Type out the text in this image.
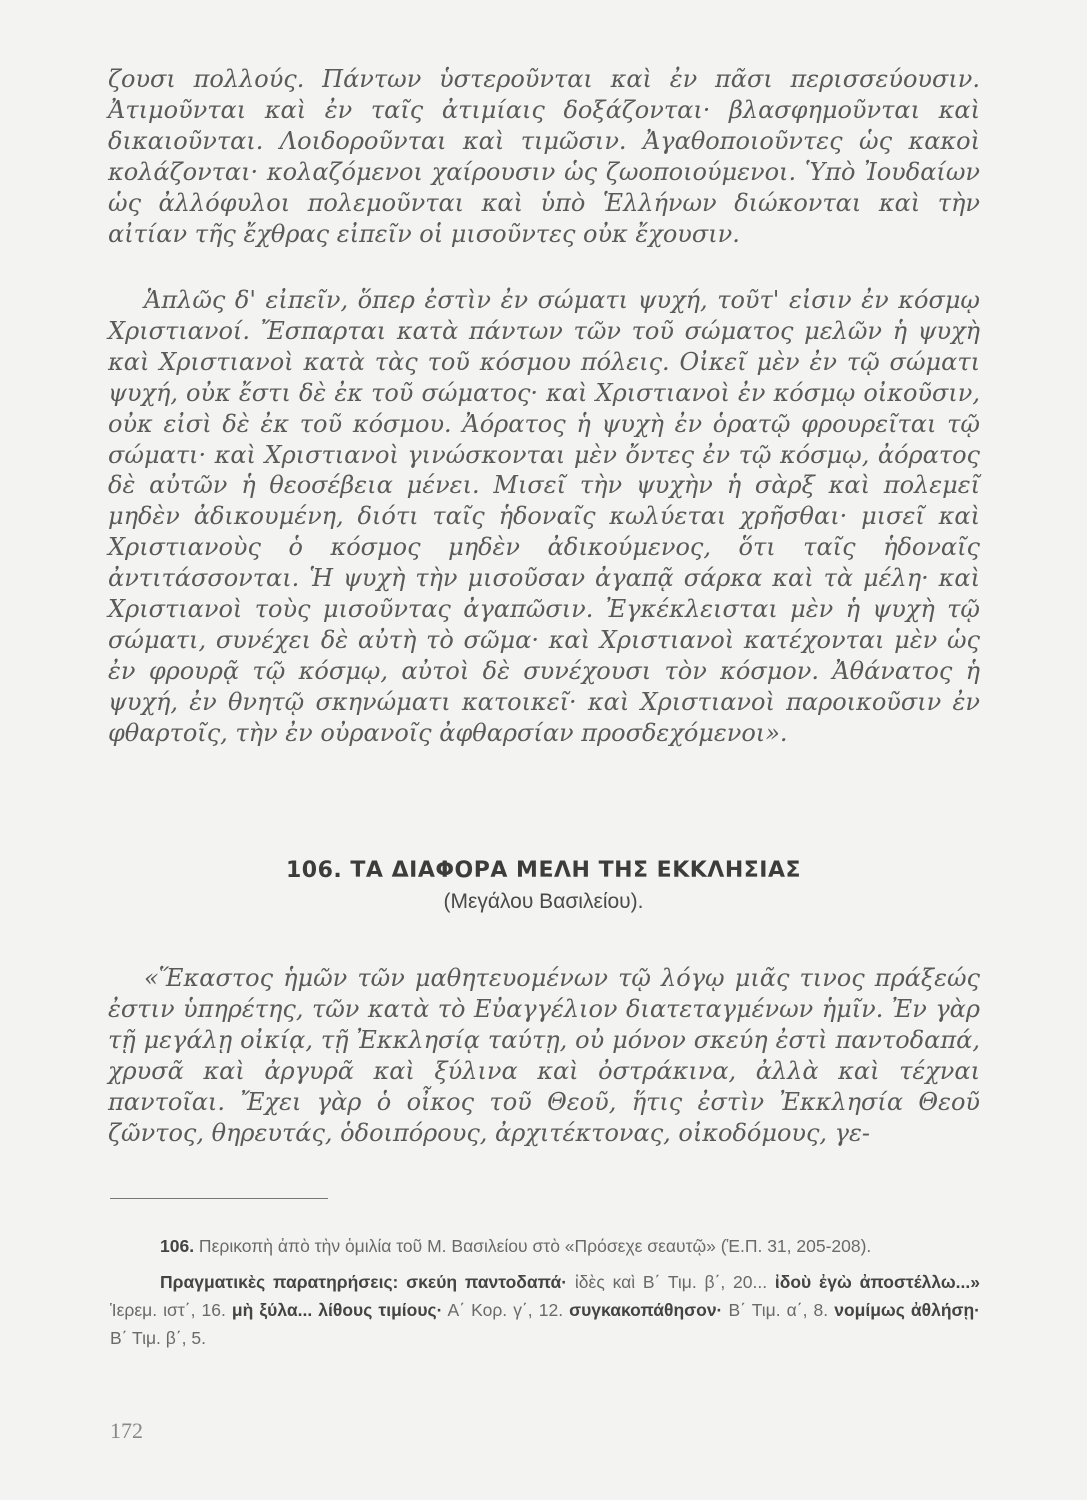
ζουσι πολλούς. Πάντων ὑστεροῦνται καὶ ἐν πᾶσι περισσεύουσιν. Ἀτιμοῦνται καὶ ἐν ταῖς ἀτιμίαις δοξάζονται· βλασφημοῦνται καὶ δικαιοῦνται. Λοιδοροῦνται καὶ τιμῶσιν. Ἀγαθοποιοῦντες ὡς κακοὶ κολάζονται· κολαζόμενοι χαίρουσιν ὡς ζωοποιούμενοι. Ὑπὸ Ἰουδαίων ὡς ἀλλόφυλοι πολεμοῦνται καὶ ὑπὸ Ἑλλήνων διώκονται καὶ τὴν αἰτίαν τῆς ἔχθρας εἰπεῖν οἱ μισοῦντες οὐκ ἔχουσιν.

Ἁπλῶς δ' εἰπεῖν, ὅπερ ἐστὶν ἐν σώματι ψυχή, τοῦτ' εἰσιν ἐν κόσμῳ Χριστιανοί. Ἔσπαρται κατὰ πάντων τῶν τοῦ σώματος μελῶν ἡ ψυχὴ καὶ Χριστιανοὶ κατὰ τὰς τοῦ κόσμου πόλεις. Οἰκεῖ μὲν ἐν τῷ σώματι ψυχή, οὐκ ἔστι δὲ ἐκ τοῦ σώματος· καὶ Χριστιανοὶ ἐν κόσμῳ οἰκοῦσιν, οὐκ εἰσὶ δὲ ἐκ τοῦ κόσμου. Ἀόρατος ἡ ψυχὴ ἐν ὁρατῷ φρουρεῖται τῷ σώματι· καὶ Χριστιανοὶ γινώσκονται μὲν ὄντες ἐν τῷ κόσμῳ, ἀόρατος δὲ αὐτῶν ἡ θεοσέβεια μένει. Μισεῖ τὴν ψυχὴν ἡ σὰρξ καὶ πολεμεῖ μηδὲν ἀδικουμένη, διότι ταῖς ἡδοναῖς κωλύεται χρῆσθαι· μισεῖ καὶ Χριστιανοὺς ὁ κόσμος μηδὲν ἀδικούμενος, ὅτι ταῖς ἡδοναῖς ἀντιτάσσονται. Ἡ ψυχὴ τὴν μισοῦσαν ἀγαπᾷ σάρκα καὶ τὰ μέλη· καὶ Χριστιανοὶ τοὺς μισοῦντας ἀγαπῶσιν. Ἐγκέκλεισται μὲν ἡ ψυχὴ τῷ σώματι, συνέχει δὲ αὐτὴ τὸ σῶμα· καὶ Χριστιανοὶ κατέχονται μὲν ὡς ἐν φρουρᾷ τῷ κόσμῳ, αὐτοὶ δὲ συνέχουσι τὸν κόσμον. Ἀθάνατος ἡ ψυχή, ἐν θνητῷ σκηνώματι κατοικεῖ· καὶ Χριστιανοὶ παροικοῦσιν ἐν φθαρτοῖς, τὴν ἐν οὐρανοῖς ἀφθαρσίαν προσδεχόμενοι».

106. ΤΑ ΔΙΑΦΟΡΑ ΜΕΛΗ ΤΗΣ ΕΚΚΛΗΣΙΑΣ

(Μεγάλου Βασιλείου).

«Ἕκαστος ἡμῶν τῶν μαθητευομένων τῷ λόγῳ μιᾶς τινος πράξεώς ἐστιν ὑπηρέτης, τῶν κατὰ τὸ Εὐαγγέλιον διατεταγμένων ἡμῖν. Ἐν γὰρ τῇ μεγάλῃ οἰκίᾳ, τῇ Ἐκκλησίᾳ ταύτῃ, οὐ μόνον σκεύη ἐστὶ παντοδαπά, χρυσᾶ καὶ ἀργυρᾶ καὶ ξύλινα καὶ ὀστράκινα, ἀλλὰ καὶ τέχναι παντοῖαι. Ἔχει γὰρ ὁ οἶκος τοῦ Θεοῦ, ἥτις ἐστὶν Ἐκκλησία Θεοῦ ζῶντος, θηρευτάς, ὁδοιπόρους, ἀρχιτέκτονας, οἰκοδόμους, γε-

106. Περικοπὴ ἀπὸ τὴν ὁμιλία τοῦ Μ. Βασιλείου στὸ «Πρόσεχε σεαυτῷ» (Ἑ.Π. 31, 205-208).

Πραγματικὲς παρατηρήσεις: σκεύη παντοδαπά· ἰδὲς καὶ Β΄ Τιμ. β΄, 20... ἰδοὺ ἐγὼ ἀποστέλλω...» Ἱερεμ. ιστ΄, 16. μὴ ξύλα... λίθους τιμίους· Α΄ Κορ. γ΄, 12. συγκακοπάθησον· Β΄ Τιμ. α΄, 8. νομίμως ἀθλήσῃ· Β΄ Τιμ. β΄, 5.

172
